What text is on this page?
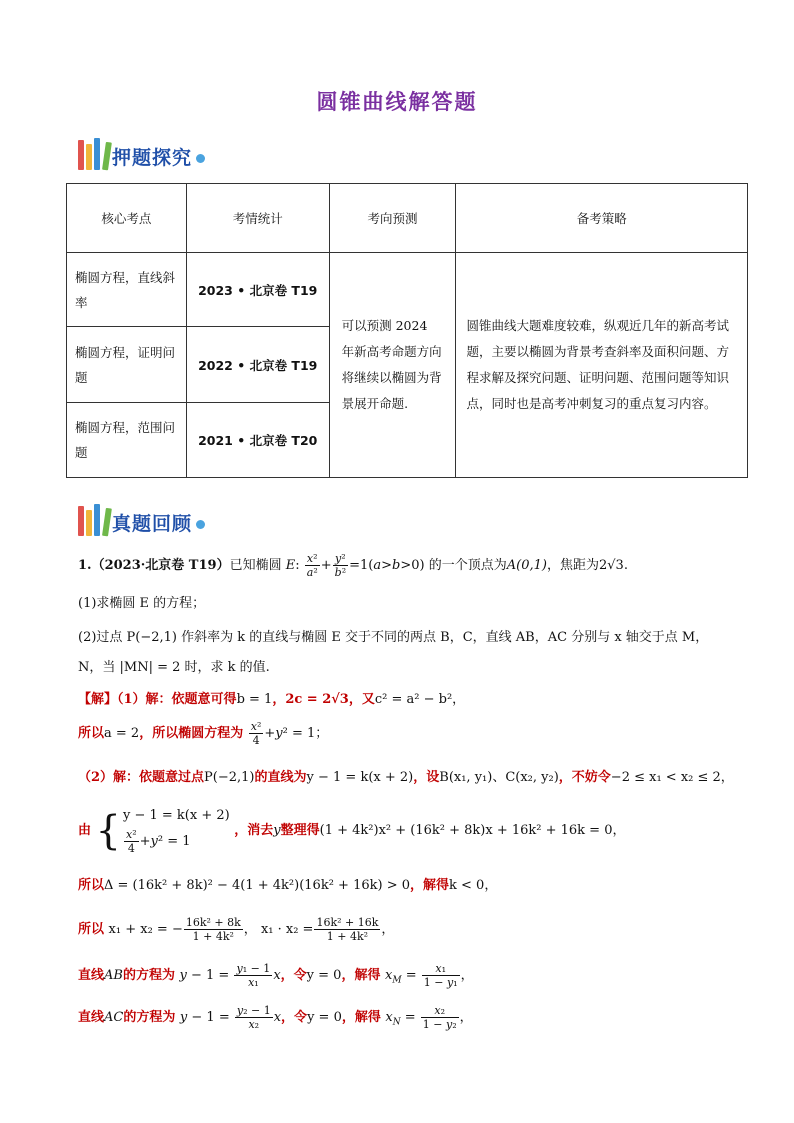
圆锥曲线解答题
押题探究
核心考点	考情统计	考向预测	备考策略
椭圆方程，直线斜率	2023 • 北京卷 T19	可以预测 2024 年新高考命题方向将继续以椭圆为背景展开命题.	圆锥曲线大题难度较难，纵观近几年的新高考试题，主要以椭圆为背景考查斜率及面积问题、方程求解及探究问题、证明问题、范围问题等知识点，同时也是高考冲刺复习的重点复习内容。
椭圆方程，证明问题	2022 • 北京卷 T19		
椭圆方程，范围问题	2021 • 北京卷 T20		
真题回顾
1.（2023·北京卷 T19）已知椭圆 E: $\frac{\text{x²}}{\text{a²}} + \frac{\text{y²}}{\text{b²}} =1(a>b>0)$ 的一个顶点为A(0,1)，焦距为2√3.
(1)求椭圆 E 的方程；
(2)过点 P(−2,1) 作斜率为 k 的直线与椭圆 E 交于不同的两点 B，C，直线 AB，AC 分别与 x 轴交于点 M，
N，当 |MN| = 2 时，求 k 的值.
【解】（1）解：依题意可得b = 1，2c = 2√3，又c² = a² − b²，
所以a = 2，所以椭圆方程为 $\frac{\text{x²}}{4} +y^2 = 1$；
（2）解：依题意过点P(−2,1)的直线为y − 1 = k(x + 2)，设B(x₁, y₁)、C(x₂, y₂)，不妨令−2 ≤ x₁ < x₂ ≤ 2，
由 { y − 1 = k(x + 2)
$\frac{\text{x²}}{4} +y^2 = 1$
，消去y整理得(1 + 4k²)x² + (16k² + 8k)x + 16k² + 16k = 0，
所以Δ = (16k² + 8k)² − 4(1 + 4k²)(16k² + 16k) > 0，解得k < 0，
所以 x₁ + x₂ = − $\frac{\text{16k² + 8k}}{\text{1 + 4k²}}$ ， $x_1 \cdot x_2 = \frac{\text{16k² + 16k}}{\text{1 + 4k²}}$ ，
直线AB的方程为 $y - 1 = \frac{\text{y₁ − 1}}{\text{x₁}}$ x，令y = 0，解得 $x_M = \frac{\text{x₁}}{\text{1 − y₁}}$ ，
直线AC的方程为 $y - 1 = \frac{\text{y₂ − 1}}{\text{x₂}}$ x，令y = 0，解得 $x_N = \frac{\text{x₂}}{\text{1 − y₂}}$ ，
